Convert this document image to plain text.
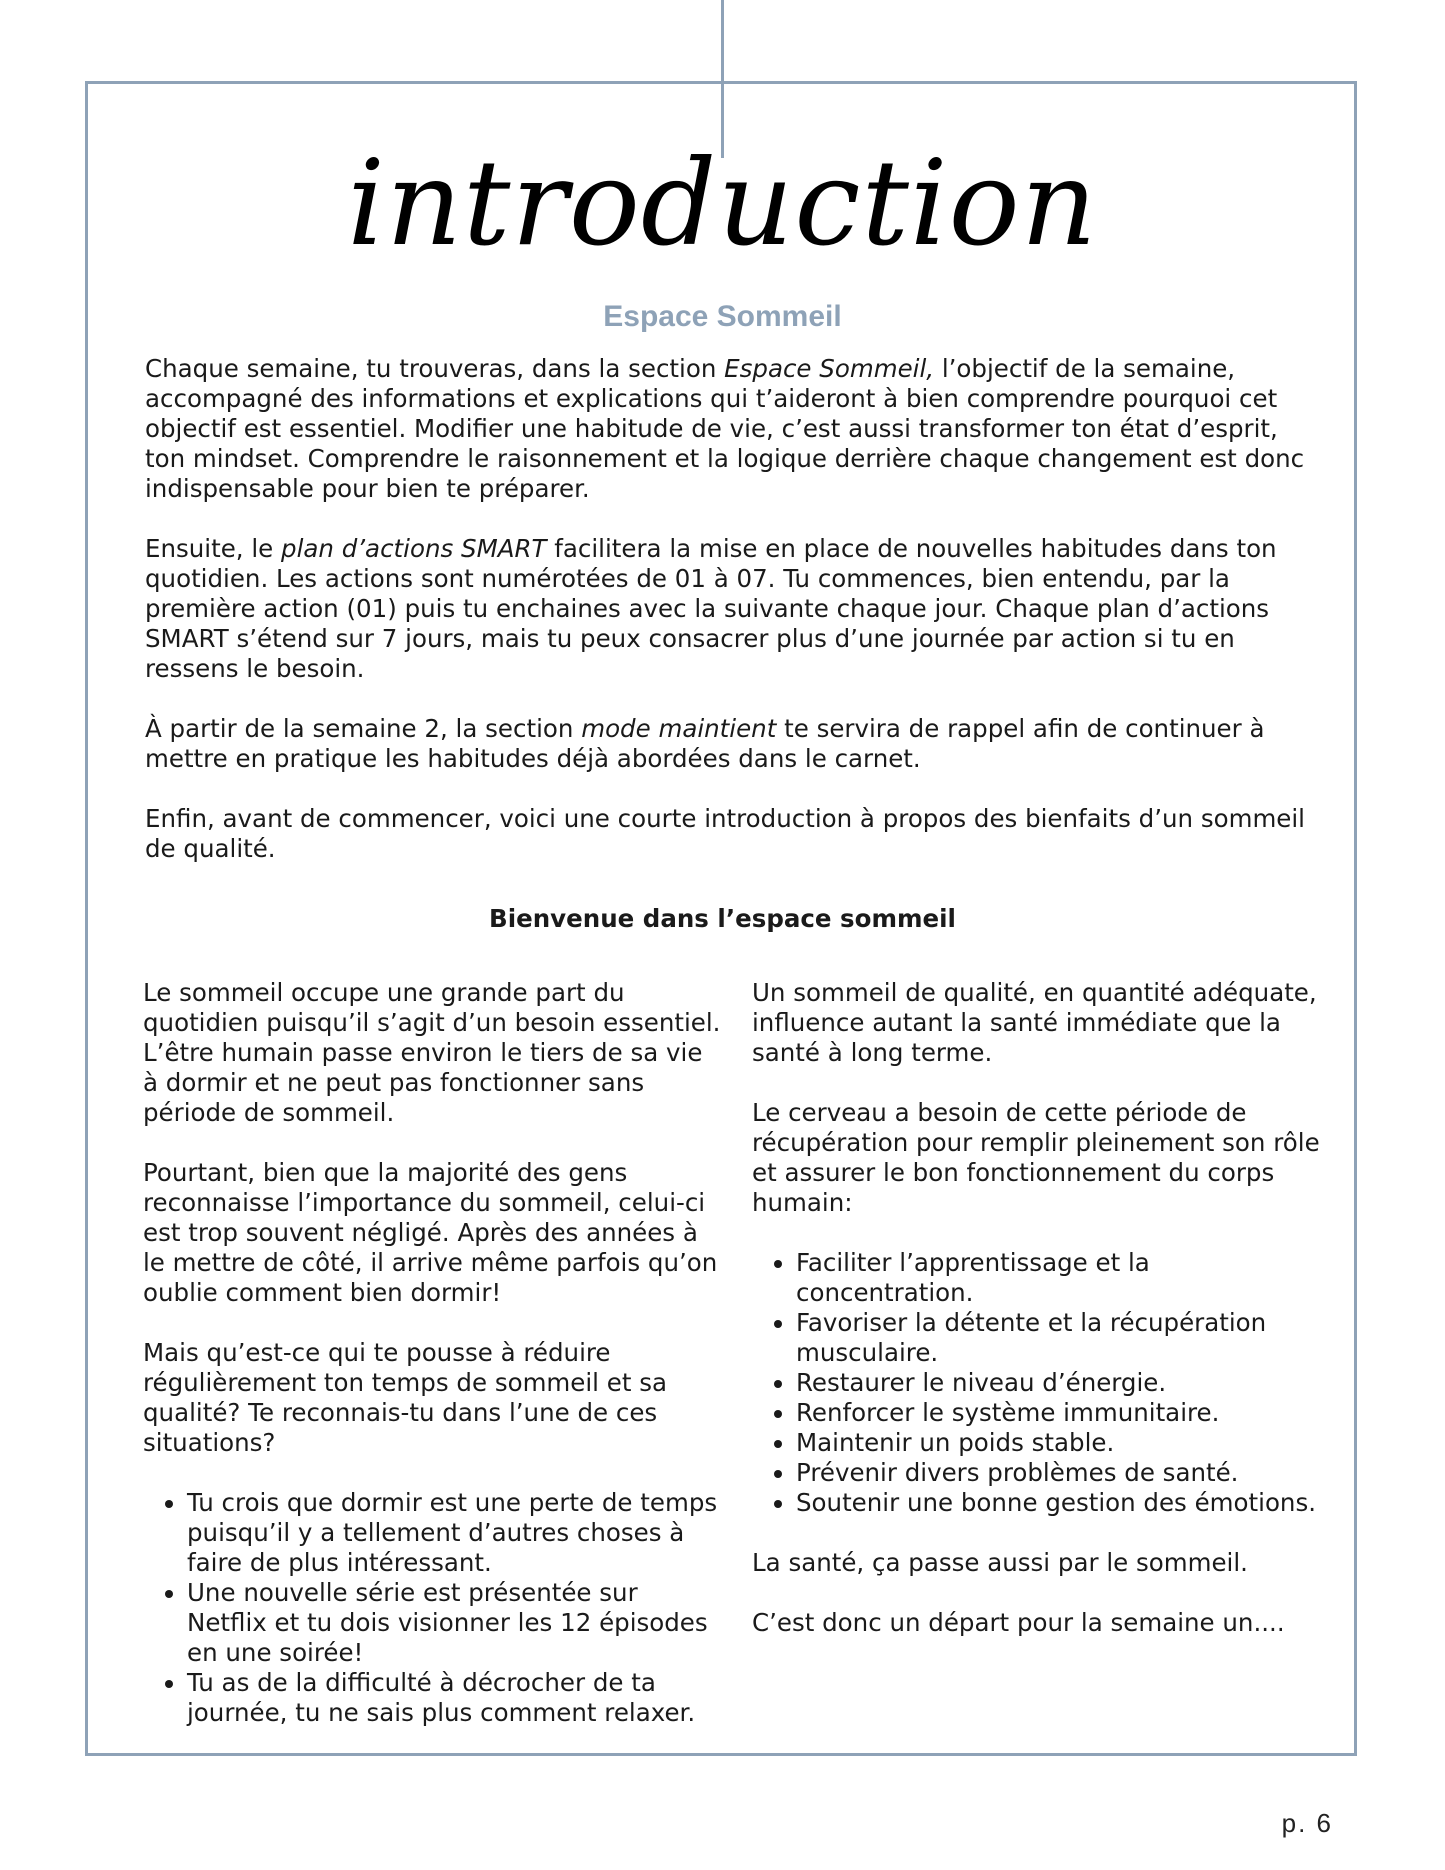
introduction
Espace Sommeil

Chaque semaine, tu trouveras, dans la section Espace Sommeil, l’objectif de la semaine, accompagné des informations et explications qui t’aideront à bien comprendre pourquoi cet objectif est essentiel. Modifier une habitude de vie, c’est aussi transformer ton état d’esprit, ton mindset. Comprendre le raisonnement et la logique derrière chaque changement est donc indispensable pour bien te préparer.

Ensuite, le plan d’actions SMART facilitera la mise en place de nouvelles habitudes dans ton quotidien. Les actions sont numérotées de 01 à 07. Tu commences, bien entendu, par la première action (01) puis tu enchaines avec la suivante chaque jour. Chaque plan d’actions SMART s’étend sur 7 jours, mais tu peux consacrer plus d’une journée par action si tu en ressens le besoin.

À partir de la semaine 2, la section mode maintient te servira de rappel afin de continuer à mettre en pratique les habitudes déjà abordées dans le carnet.

Enfin, avant de commencer, voici une courte introduction à propos des bienfaits d’un sommeil de qualité.

Bienvenue dans l’espace sommeil

Le sommeil occupe une grande part du quotidien puisqu’il s’agit d’un besoin essentiel. L’être humain passe environ le tiers de sa vie à dormir et ne peut pas fonctionner sans période de sommeil.

Pourtant, bien que la majorité des gens reconnaisse l’importance du sommeil, celui-ci est trop souvent négligé. Après des années à le mettre de côté, il arrive même parfois qu’on oublie comment bien dormir!

Mais qu’est-ce qui te pousse à réduire régulièrement ton temps de sommeil et sa qualité? Te reconnais-tu dans l’une de ces situations?

• Tu crois que dormir est une perte de temps puisqu’il y a tellement d’autres choses à faire de plus intéressant.
• Une nouvelle série est présentée sur Netflix et tu dois visionner les 12 épisodes en une soirée!
• Tu as de la difficulté à décrocher de ta journée, tu ne sais plus comment relaxer.

Un sommeil de qualité, en quantité adéquate, influence autant la santé immédiate que la santé à long terme.

Le cerveau a besoin de cette période de récupération pour remplir pleinement son rôle et assurer le bon fonctionnement du corps humain:

• Faciliter l’apprentissage et la concentration.
• Favoriser la détente et la récupération musculaire.
• Restaurer le niveau d’énergie.
• Renforcer le système immunitaire.
• Maintenir un poids stable.
• Prévenir divers problèmes de santé.
• Soutenir une bonne gestion des émotions.

La santé, ça passe aussi par le sommeil.

C’est donc un départ pour la semaine un....

p. 6
